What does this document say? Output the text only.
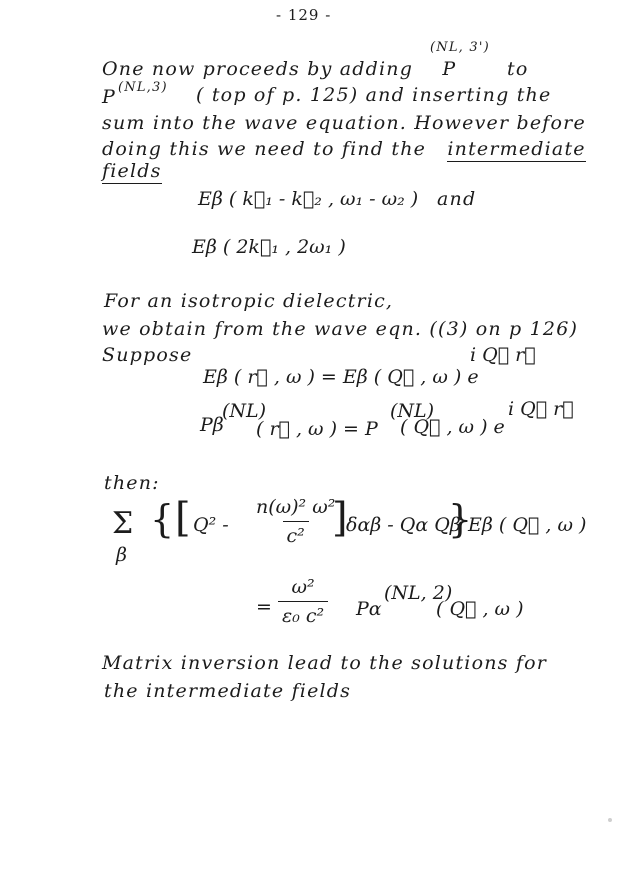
- 129 -
One now proceeds by adding P
(NL, 3')
to
P (NL,3) ( top of p. 125) and inserting the
sum into the wave equation. However before
doing this we need to find the intermediate
fields
Eβ ( k⃗₁ - k⃗₂ , ω₁ - ω₂ ) and
Eβ ( 2k⃗₁ , 2ω₁ )
For an isotropic dielectric,
we obtain from the wave eqn. ((3) on p 126)
Suppose
Eβ ( r⃗ , ω ) = Eβ ( Q⃗ , ω ) e
i Q⃗ r⃗
Pβ
(NL)
( r⃗ , ω ) = P
(NL)
( Q⃗ , ω ) e
i Q⃗ r⃗
then:
Σ
β
{ [ $Q^2 - \frac{\text{n(ω)² ω²}}{\text{c²}}$
]
δαβ - Qα Qβ
}
Eβ ( Q⃗ , ω )
= $\frac{\text{ω²}}{\text{ε₀ c²}}$ Pα
(NL, 2)
( Q⃗ , ω )
Matrix inversion lead to the solutions for
the intermediate fields
